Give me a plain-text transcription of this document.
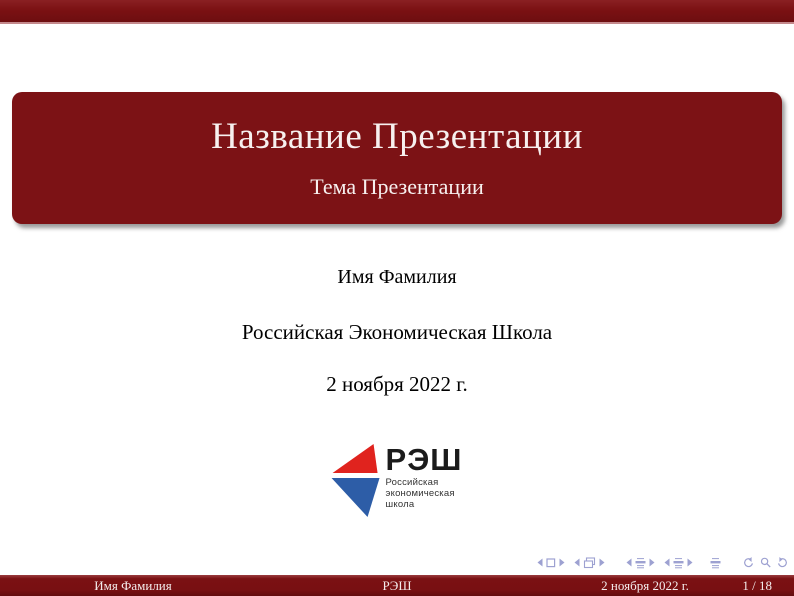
Название Презентации
Тема Презентации
Имя Фамилия
Российская Экономическая Школа
2 ноября 2022 г.
РЭШ
Российская
экономическая
школа
Имя Фамилия	РЭШ	2 ноября 2022 г.	1 / 18
